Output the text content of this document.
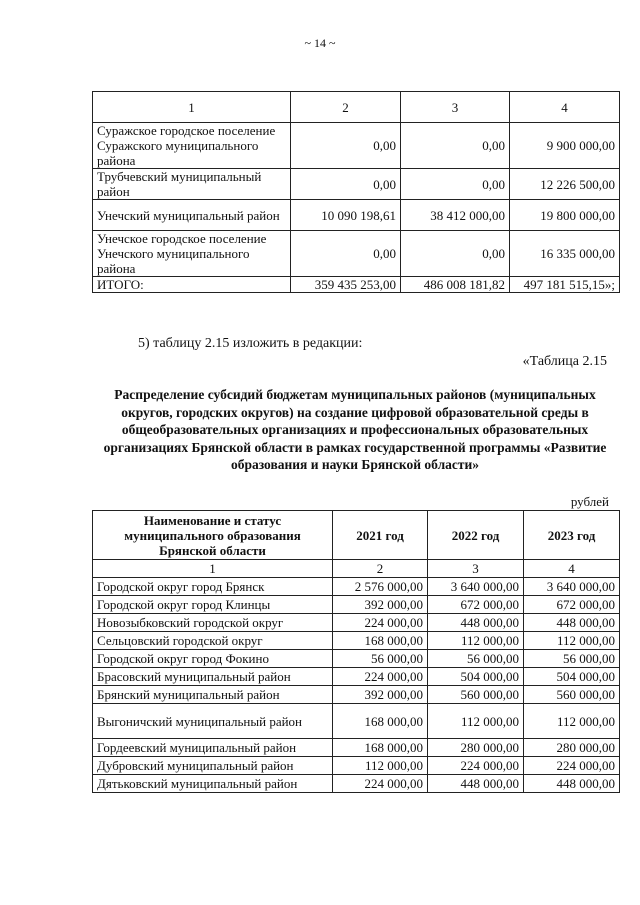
~ 14 ~
1	2	3	4
Суражское городское поселение Суражского муниципального района	0,00	0,00	9 900 000,00
Трубчевский муниципальный район	0,00	0,00	12 226 500,00
Унечский муниципальный район	10 090 198,61	38 412 000,00	19 800 000,00
Унечское городское поселение Унечского муниципального района	0,00	0,00	16 335 000,00
ИТОГО:	359 435 253,00	486 008 181,82	497 181 515,15»;
5) таблицу 2.15 изложить в редакции:
«Таблица 2.15
Распределение субсидий бюджетам муниципальных районов (муниципальных округов, городских округов) на создание цифровой образовательной среды в общеобразовательных организациях и профессиональных образовательных организациях Брянской области в рамках государственной программы «Развитие образования и науки Брянской области»
рублей
Наименование и статус муниципального образования Брянской области	2021 год	2022 год	2023 год
1	2	3	4
Городской округ город Брянск	2 576 000,00	3 640 000,00	3 640 000,00
Городской округ город Клинцы	392 000,00	672 000,00	672 000,00
Новозыбковский городской округ	224 000,00	448 000,00	448 000,00
Сельцовский городской округ	168 000,00	112 000,00	112 000,00
Городской округ город Фокино	56 000,00	56 000,00	56 000,00
Брасовский муниципальный район	224 000,00	504 000,00	504 000,00
Брянский муниципальный район	392 000,00	560 000,00	560 000,00
Выгоничский муниципальный район	168 000,00	112 000,00	112 000,00
Гордеевский муниципальный район	168 000,00	280 000,00	280 000,00
Дубровский муниципальный район	112 000,00	224 000,00	224 000,00
Дятьковский муниципальный район	224 000,00	448 000,00	448 000,00
